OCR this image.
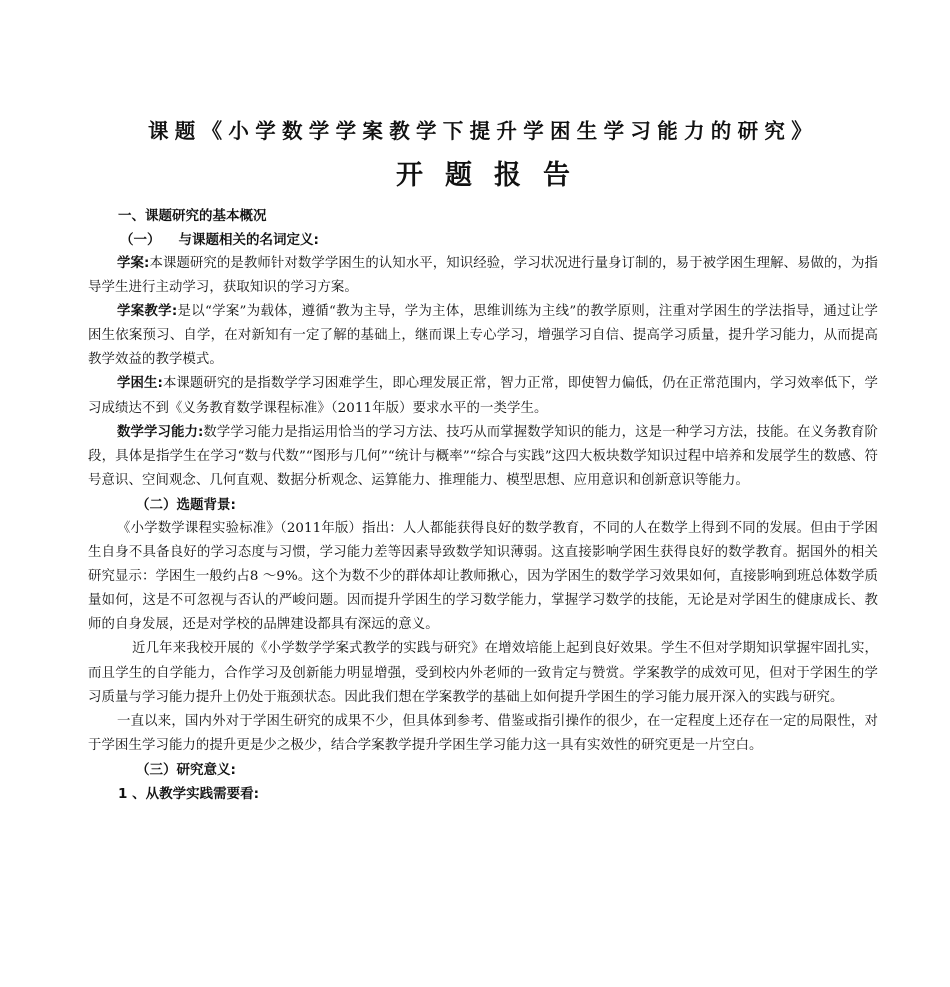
课题《小学数学学案教学下提升学困生学习能力的研究》
开题报告

一、课题研究的基本概况

（一） 与课题相关的名词定义:

学案:本课题研究的是教师针对数学学困生的认知水平，知识经验，学习状况进行量身订制的，易于被学困生理解、易做的，为指导学生进行主动学习，获取知识的学习方案。

学案教学:是以“学案”为载体，遵循“教为主导，学为主体，思维训练为主线”的教学原则，注重对学困生的学法指导，通过让学困生依案预习、自学，在对新知有一定了解的基础上，继而课上专心学习，增强学习自信、提高学习质量，提升学习能力，从而提高教学效益的教学模式。

学困生:本课题研究的是指数学学习困难学生，即心理发展正常，智力正常，即使智力偏低，仍在正常范围内，学习效率低下，学习成绩达不到《义务教育数学课程标准》（2011年版）要求水平的一类学生。

数学学习能力:数学学习能力是指运用恰当的学习方法、技巧从而掌握数学知识的能力，这是一种学习方法，技能。在义务教育阶段，具体是指学生在学习“数与代数”“图形与几何”“统计与概率”“综合与实践”这四大板块数学知识过程中培养和发展学生的数感、符号意识、空间观念、几何直观、数据分析观念、运算能力、推理能力、模型思想、应用意识和创新意识等能力。

（二）选题背景:

《小学数学课程实验标准》（2011年版）指出：人人都能获得良好的数学教育，不同的人在数学上得到不同的发展。但由于学困生自身不具备良好的学习态度与习惯，学习能力差等因素导致数学知识薄弱。这直接影响学困生获得良好的数学教育。据国外的相关研究显示：学困生一般约占8 ～9%。这个为数不少的群体却让教师揪心，因为学困生的数学学习效果如何，直接影响到班总体数学质量如何，这是不可忽视与否认的严峻问题。因而提升学困生的学习数学能力，掌握学习数学的技能，无论是对学困生的健康成长、教师的自身发展，还是对学校的品牌建设都具有深远的意义。

近几年来我校开展的《小学数学学案式教学的实践与研究》在增效培能上起到良好效果。学生不但对学期知识掌握牢固扎实，而且学生的自学能力，合作学习及创新能力明显增强，受到校内外老师的一致肯定与赞赏。学案教学的成效可见，但对于学困生的学习质量与学习能力提升上仍处于瓶颈状态。因此我们想在学案教学的基础上如何提升学困生的学习能力展开深入的实践与研究。

一直以来，国内外对于学困生研究的成果不少，但具体到参考、借鉴或指引操作的很少，在一定程度上还存在一定的局限性，对于学困生学习能力的提升更是少之极少，结合学案教学提升学困生学习能力这一具有实效性的研究更是一片空白。

（三）研究意义:

1 、从教学实践需要看:
